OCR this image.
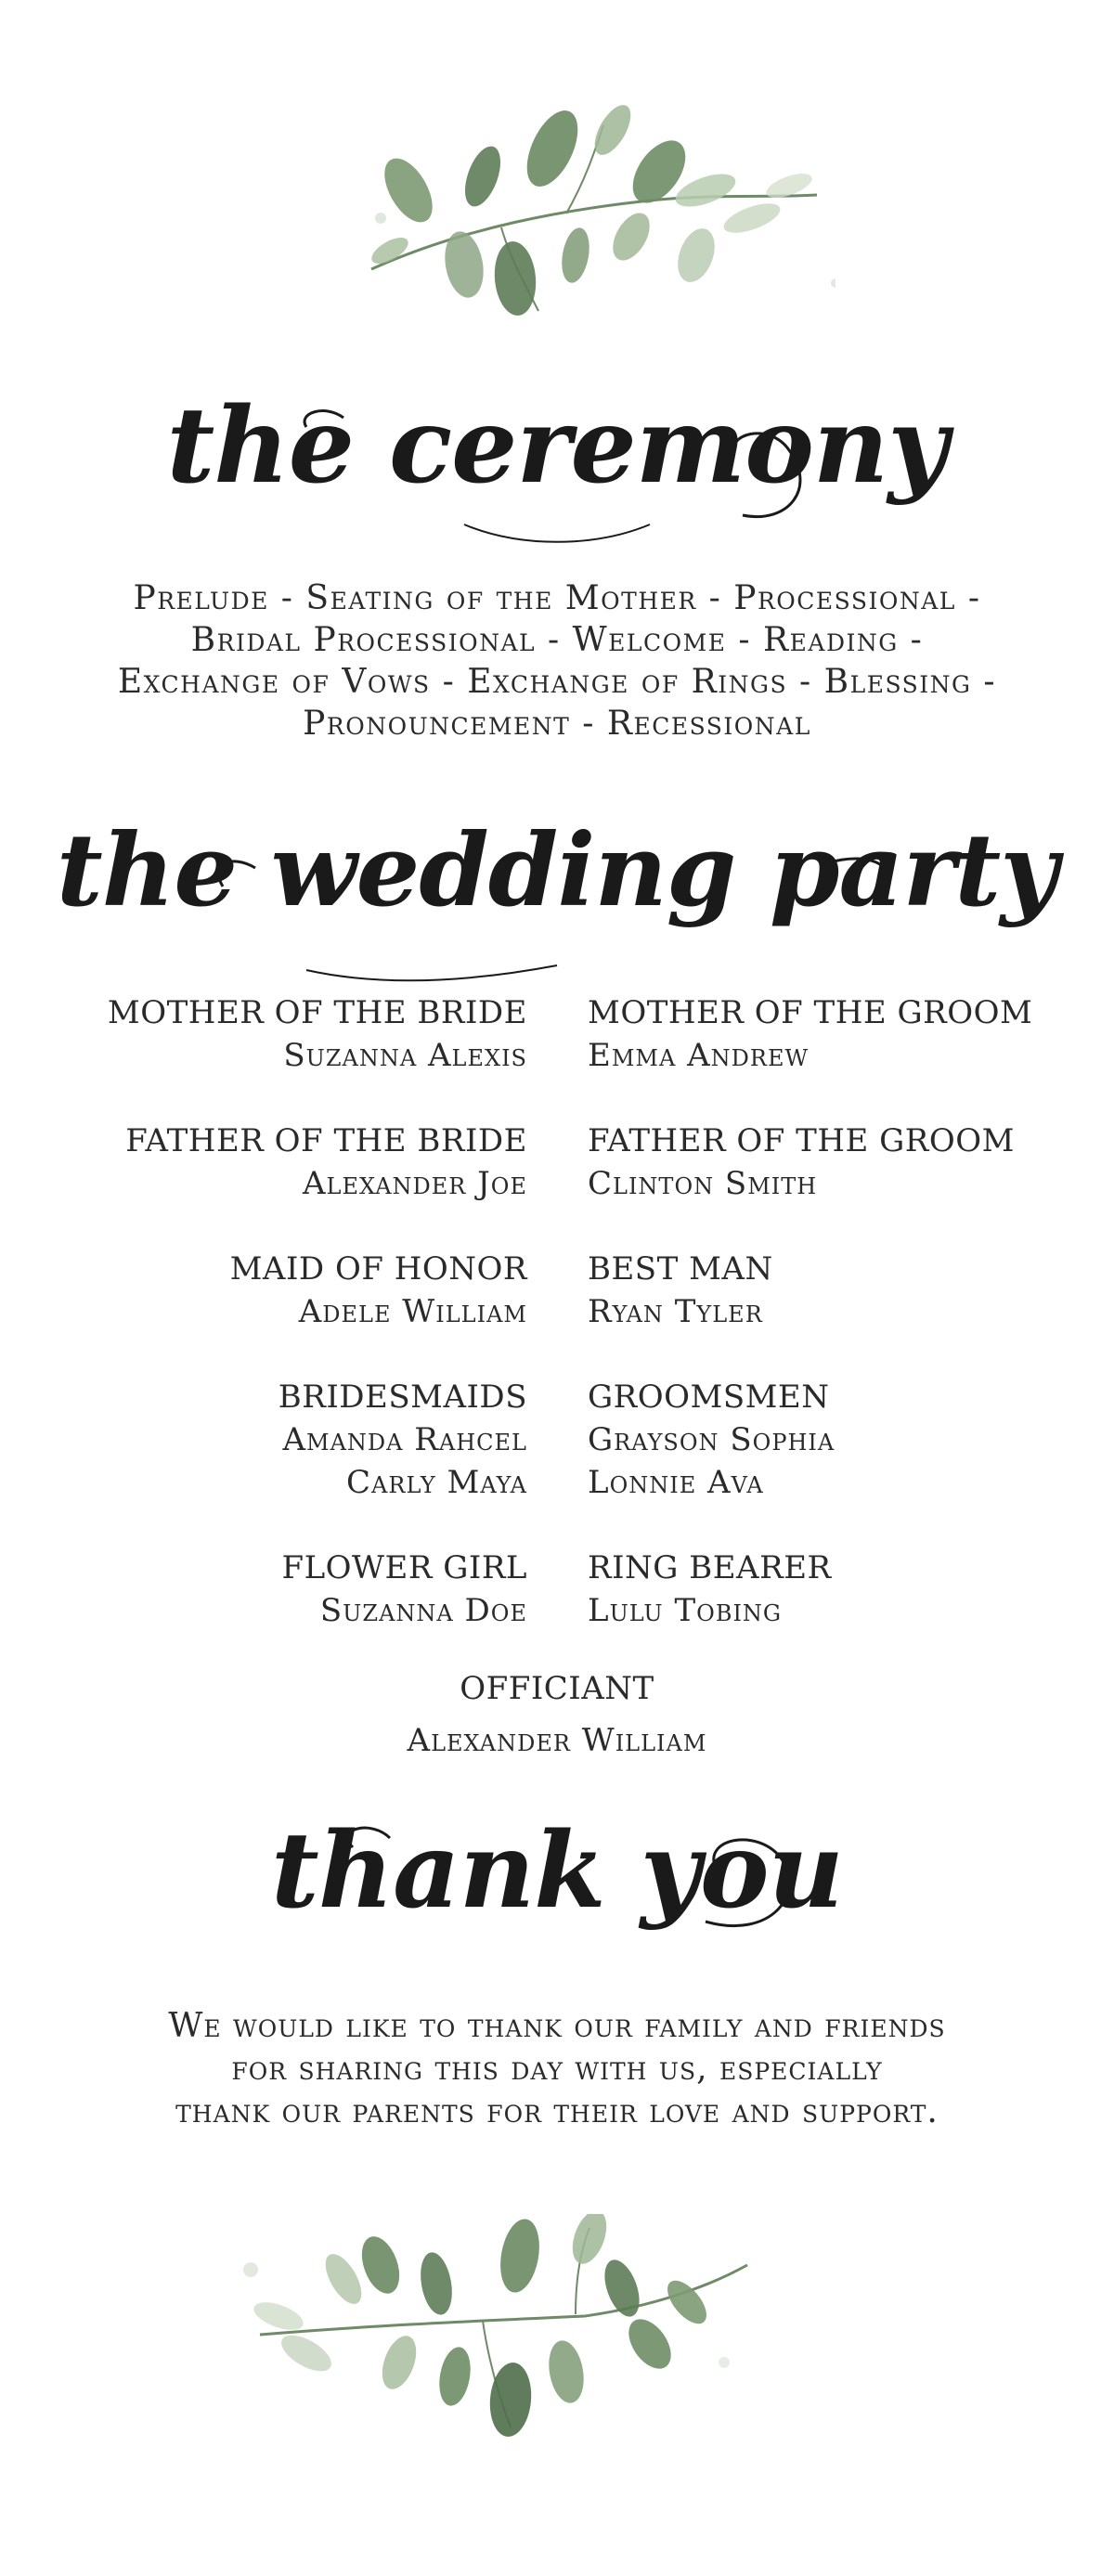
the ceremony
Prelude - Seating of the Mother - Processional -
Bridal Processional - Welcome - Reading -
Exchange of Vows - Exchange of Rings - Blessing -
Pronouncement - Recessional
the wedding party
MOTHER OF THE BRIDE
Suzanna Alexis
MOTHER OF THE GROOM
Emma Andrew
FATHER OF THE BRIDE
Alexander Joe
FATHER OF THE GROOM
Clinton Smith
MAID OF HONOR
Adele William
BEST MAN
Ryan Tyler
BRIDESMAIDS
Amanda Rahcel
Carly Maya
GROOMSMEN
Grayson Sophia
Lonnie Ava
FLOWER GIRL
Suzanna Doe
RING BEARER
Lulu Tobing
OFFICIANT
Alexander William
thank you
We would like to thank our family and friends
for sharing this day with us, especially
thank our parents for their love and support.
